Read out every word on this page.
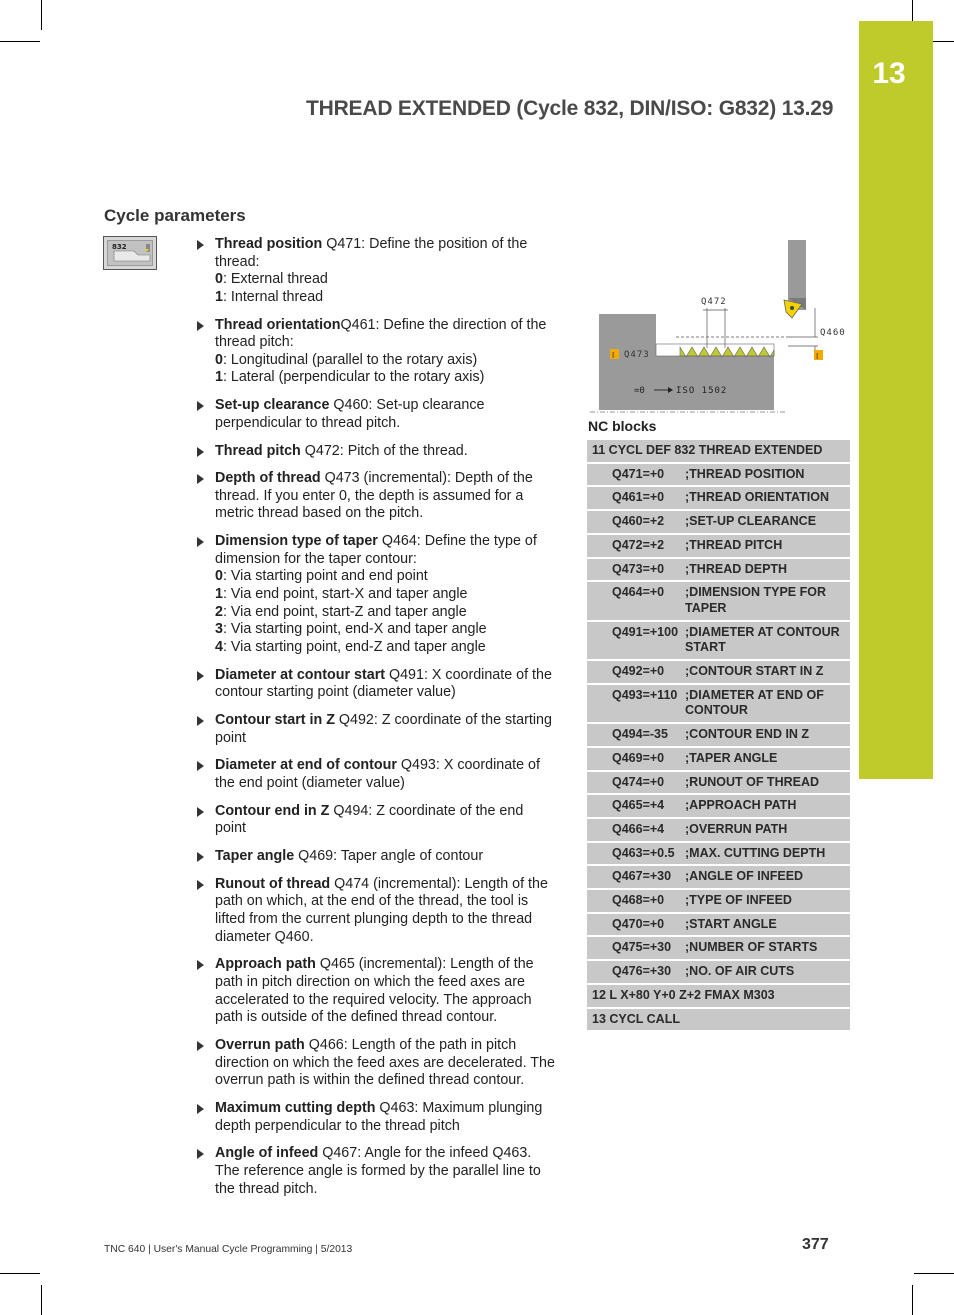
13
THREAD EXTENDED (Cycle 832, DIN/ISO: G832) 13.29
Cycle parameters
832	Thread position Q471: Define the position of the thread:
0: External thread
1: Internal thread
Thread orientationQ461: Define the direction of the thread pitch:
0: Longitudinal (parallel to the rotary axis)
1: Lateral (perpendicular to the rotary axis)
Set-up clearance Q460: Set-up clearance perpendicular to thread pitch.
Thread pitch Q472: Pitch of the thread.
Depth of thread Q473 (incremental): Depth of the thread. If you enter 0, the depth is assumed for a metric thread based on the pitch.
Dimension type of taper Q464: Define the type of dimension for the taper contour:
0: Via starting point and end point
1: Via end point, start-X and taper angle
2: Via end point, start-Z and taper angle
3: Via starting point, end-X and taper angle
4: Via starting point, end-Z and taper angle
Diameter at contour start Q491: X coordinate of the contour starting point (diameter value)
Contour start in Z Q492: Z coordinate of the starting point
Diameter at end of contour Q493: X coordinate of the end point (diameter value)
Contour end in Z Q494: Z coordinate of the end point
Taper angle Q469: Taper angle of contour
Runout of thread Q474 (incremental): Length of the path on which, at the end of the thread, the tool is lifted from the current plunging depth to the thread diameter Q460.
Approach path Q465 (incremental): Length of the path in pitch direction on which the feed axes are accelerated to the required velocity. The approach path is outside of the defined thread contour.
Overrun path Q466: Length of the path in pitch direction on which the feed axes are decelerated. The overrun path is within the defined thread contour.
Maximum cutting depth Q463: Maximum plunging depth perpendicular to the thread pitch
Angle of infeed Q467: Angle for the infeed Q463. The reference angle is formed by the parallel line to the thread pitch.
Q472
Q460
Q473
I	I
=0	ISO 1502
NC blocks
11 CYCL DEF 832 THREAD EXTENDED	
Q471=+0	;THREAD POSITION
Q461=+0	;THREAD ORIENTATION
Q460=+2	;SET-UP CLEARANCE
Q472=+2	;THREAD PITCH
Q473=+0	;THREAD DEPTH
Q464=+0	;DIMENSION TYPE FOR TAPER
Q491=+100	;DIAMETER AT CONTOUR START
Q492=+0	;CONTOUR START IN Z
Q493=+110	;DIAMETER AT END OF CONTOUR
Q494=-35	;CONTOUR END IN Z
Q469=+0	;TAPER ANGLE
Q474=+0	;RUNOUT OF THREAD
Q465=+4	;APPROACH PATH
Q466=+4	;OVERRUN PATH
Q463=+0.5	;MAX. CUTTING DEPTH
Q467=+30	;ANGLE OF INFEED
Q468=+0	;TYPE OF INFEED
Q470=+0	;START ANGLE
Q475=+30	;NUMBER OF STARTS
Q476=+30	;NO. OF AIR CUTS
12 L X+80 Y+0 Z+2 FMAX M303	
13 CYCL CALL	
TNC 640 | User's Manual Cycle Programming | 5/2013	377
